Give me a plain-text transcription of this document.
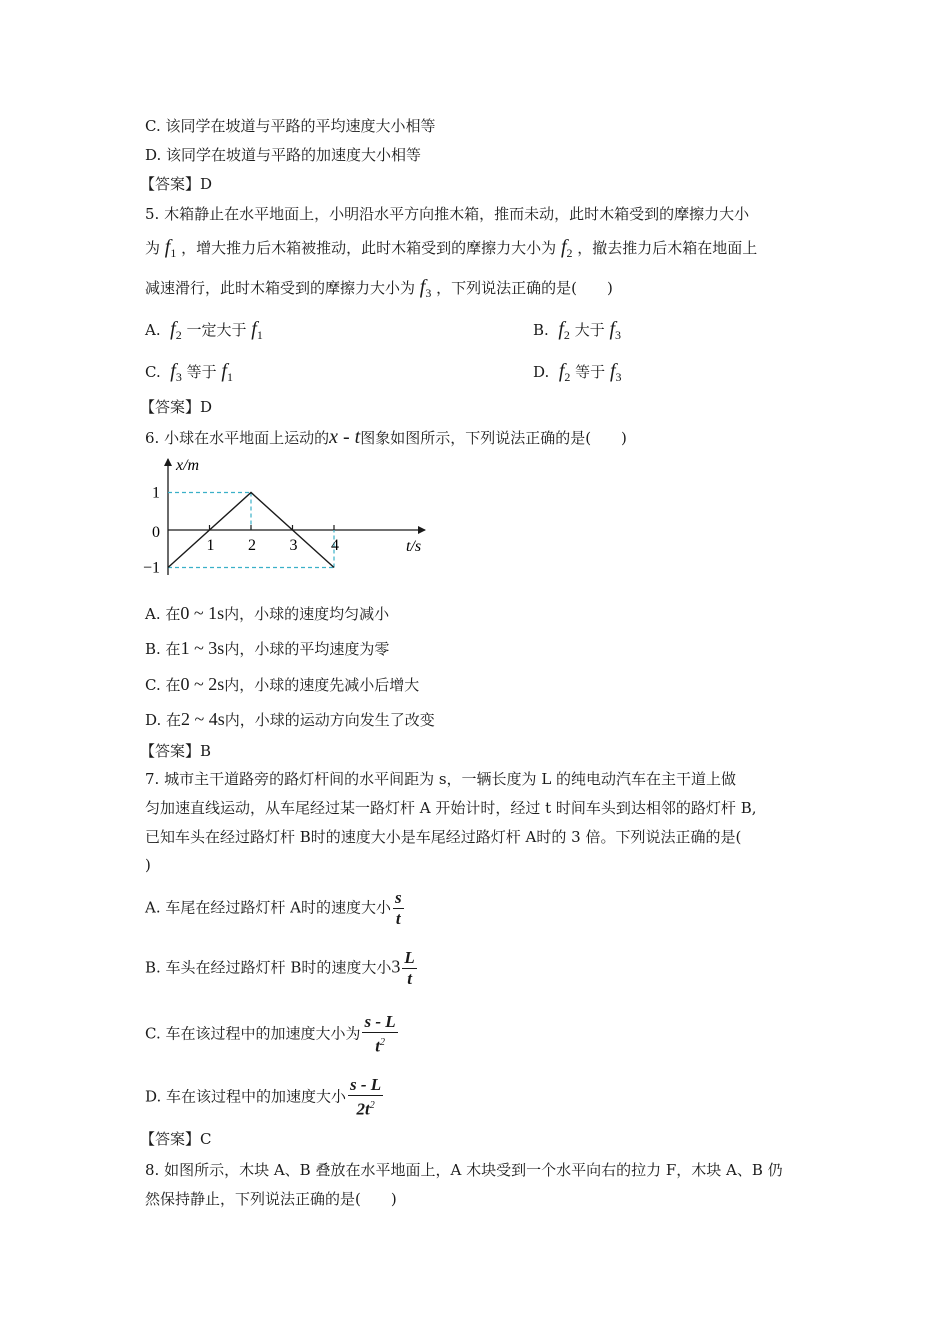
C. 该同学在坡道与平路的平均速度大小相等
D. 该同学在坡道与平路的加速度大小相等
【答案】D
5. 木箱静止在水平地面上，小明沿水平方向推木箱，推而未动，此时木箱受到的摩擦力大小
为 $f_1$ ，增大推力后木箱被推动，此时木箱受到的摩擦力大小为 $f_2$ ，撤去推力后木箱在地面上
减速滑行，此时木箱受到的摩擦力大小为 $f_3$ ，下列说法正确的是(　　)
A. $f_2$ 一定大于 $f_1$	B. $f_2$ 大于 $f_3$
C. $f_3$ 等于 $f_1$	D. $f_2$ 等于 $f_3$
【答案】D
6. 小球在水平地面上运动的x - t图象如图所示，下列说法正确的是(　　)
x/m
t/s
1 2 3 4
1
0
−1
A. 在0 ~ 1s内，小球的速度均匀减小
B. 在1 ~ 3s内，小球的平均速度为零
C. 在0 ~ 2s内，小球的速度先减小后增大
D. 在2 ~ 4s内，小球的运动方向发生了改变
【答案】B
7. 城市主干道路旁的路灯杆间的水平间距为 s，一辆长度为 L 的纯电动汽车在主干道上做
匀加速直线运动，从车尾经过某一路灯杆 A 开始计时，经过 t 时间车头到达相邻的路灯杆 B,
已知车头在经过路灯杆 B时的速度大小是车尾经过路灯杆 A时的 3 倍。下列说法正确的是(
)
A. 车尾在经过路灯杆 A时的速度大小 $\frac{s}{t}$
B. 车头在经过路灯杆 B时的速度大小$3 \frac{L}{t}$
C. 车在该过程中的加速度大小为 $\frac{s - L}{t^2}$
D. 车在该过程中的加速度大小 $\frac{s - L}{2t^2}$
【答案】C
8. 如图所示，木块 A、B 叠放在水平地面上，A 木块受到一个水平向右的拉力 F，木块 A、B 仍
然保持静止，下列说法正确的是(　　)
